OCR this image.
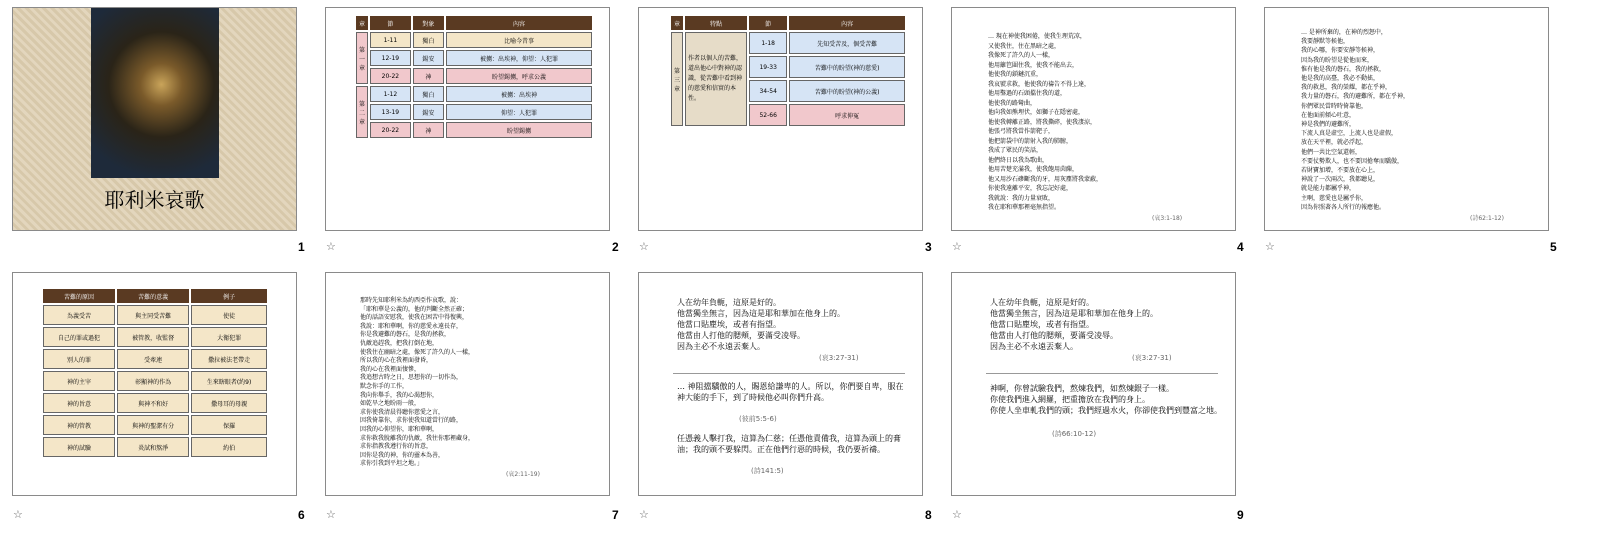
耶利米哀歌
1
章	節	對象	內容
第一章	1-11	獨白	比喻今昔事
	12-19	錫安	被擄：出埃神，仰望：人犯罪
	20-22	神	盼望錫擄，呼求公義
第二章	1-12	獨白	被擄：出埃神
	13-19	錫安	仰望：人犯罪
	20-22	神	盼望錫擄
2
☆
章	特點	節	內容
第三章	作者以個人的苦難，道出他心中對神的認識，從苦難中看到神的慈愛和信實的本性。	1-18	先知受苦及，個受苦難
		19-33	苦難中的盼望(神的慈愛)
		34-54	苦難中的盼望(神的公義)
		52-66	呼求伸冤
3
☆
… 現在神使我困倦，使我生理荒凉，
又使我住，住在黑暗之處，
我像死了許久的人一樣，
他用籬笆圍住我，使我不能出去，
他使我的鎖鏈沉重，
我哀號求救，他使我的禱告不得上達，
他用鑿過的石頭擋住我的道，
他使我的路彎曲，
他向我如熊埋伏，如獅子在隱密處，
他使我轉離正路，將我撕碎，使我淒涼，
他張弓將我當作箭靶子，
他把箭袋中的箭射入我的肺腑，
我成了眾民的笑話，
他們終日以我為歌曲，
他用苦楚充滿我，使我飽用茵蔯，
他又用沙石磣斷我的牙，用灰塵將我蒙蔽，
你使我遠離平安，我忘記好處，
我就說：我的力量衰敗，
我在耶和華那裡毫無指望。
(哀3:1-18)
4
☆
… 是神所棄的，在神的烈怒中，
我要靜默等候他，
我的心哪，你要安靜等候神，
因為我的盼望是從他而來，
惟有他是我的磐石，我的拯救，
他是我的高臺，我必不動搖，
我的救恩，我的榮耀，都在乎神，
我力量的磐石，我的避難所，都在乎神，
你們眾民當時時倚靠他，
在他面前傾心吐意，
神是我們的避難所，
下流人真是虛空，上流人也是虛假，
放在天平裡，就必浮起，
他們一共比空氣還輕，
不要仗勢欺人，也不要因搶奪而驕傲，
若財寶加增，不要放在心上，
神說了一次兩次，我都聽見，
就是能力都屬乎神，
主啊，慈愛也是屬乎你，
因為你照著各人所行的報應他。
(詩62:1-12)
5
☆
苦難的原因	苦難的意義	例子
為義受苦	與主同受苦難	使徒
自己的罪或過犯	被管教，收監督	大衛犯罪
別人的罪	受牽連	撒拉被法老帶走
神的主宰	彰顯神的作為	生來瞎眼者(約9)
神的旨意	與神不和好	撒母耳的母親
神的管教	與神的聖潔有分	保羅
神的試驗	炎試和熬淨	約伯
6
☆
那時先知耶利米為約西亞作哀歌，說：
「耶和華是公義的，他的判斷全然正確；
他的話語安慰我，使我在困苦中得復興，
我說：耶和華啊，你的慈愛永遠長存，
你是我避難的磐石，是我的拯救，
仇敵追趕我，把我打倒在地，
使我住在幽暗之處，像死了許久的人一樣，
所以我的心在我裡面發昏，
我的心在我裡面悽慘，
我追想古時之日，思想你的一切作為，
默念你手的工作，
我向你舉手，我的心渴想你，
如乾旱之地盼雨一般，
求你使我清晨得聽你慈愛之言，
因我倚靠你，求你使我知道當行的路，
因我的心仰望你，耶和華啊，
求你救我脫離我的仇敵，我往你那裡藏身，
求你指教我遵行你的旨意，
因你是我的神，你的靈本為善，
求你引我到平坦之地。」
(哀2:11-19)
7
☆
人在幼年負軛，這原是好的。
他當獨坐無言，因為這是耶和華加在他身上的。
他當口貼塵埃，或者有指望。
他當由人打他的腮頰，要滿受凌辱。
因為主必不永遠丟棄人。
(哀3:27-31)
… 神阻擋驕傲的人，賜恩給謙卑的人。所以，你們要自卑，服在神大能的手下，到了時候他必叫你們升高。
(彼前5:5-6)
任憑義人擊打我，這算為仁慈；任憑他責備我，這算為頭上的膏油；我的頭不要躲閃。正在他們行惡的時候，我仍要祈禱。
(詩141:5)
8
☆
人在幼年負軛，這原是好的。
他當獨坐無言，因為這是耶和華加在他身上的。
他當口貼塵埃，或者有指望。
他當由人打他的腮頰，要滿受凌辱。
因為主必不永遠丟棄人。
(哀3:27-31)
神啊，你曾試驗我們，熬煉我們，如熬煉銀子一樣。
你使我們進入網羅，把重擔放在我們的身上。
你使人坐車軋我們的頭；我們經過水火，你卻使我們到豐富之地。
(詩66:10-12)
9
☆
